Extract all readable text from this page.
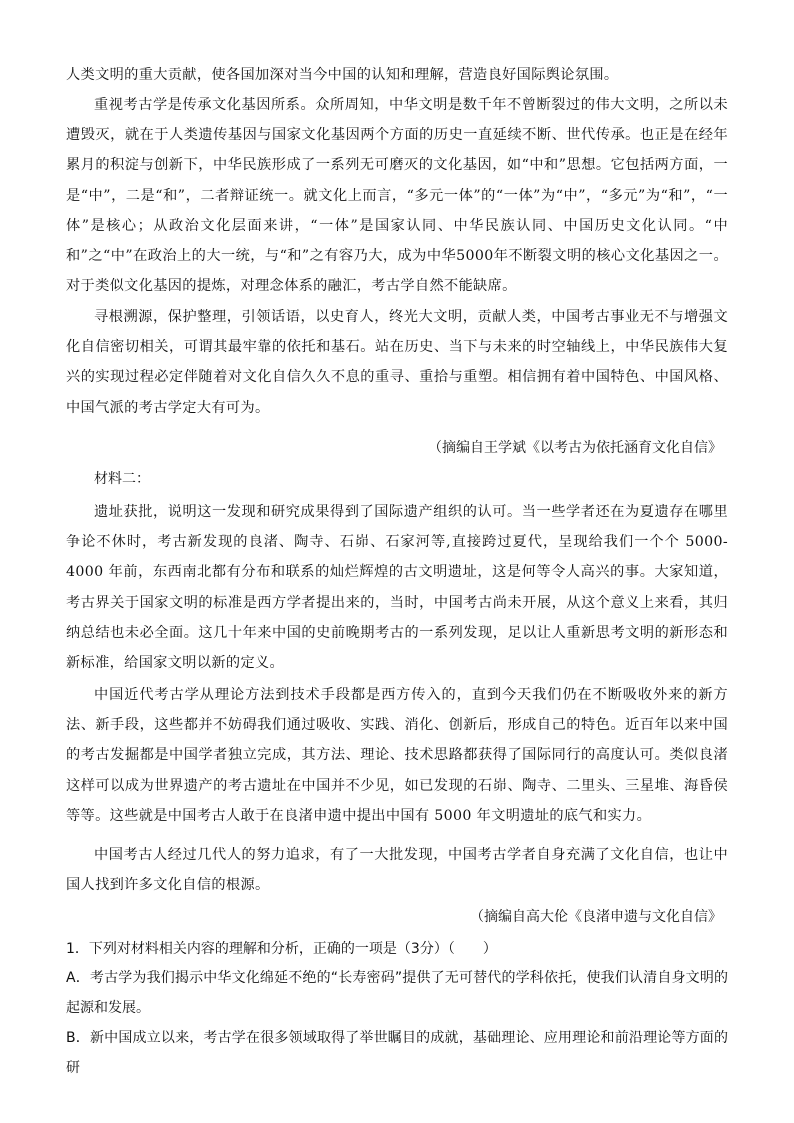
人类文明的重大贡献，使各国加深对当今中国的认知和理解，营造良好国际舆论氛围。

重视考古学是传承文化基因所系。众所周知，中华文明是数千年不曾断裂过的伟大文明，之所以未遭毁灭，就在于人类遗传基因与国家文化基因两个方面的历史一直延续不断、世代传承。也正是在经年累月的积淀与创新下，中华民族形成了一系列无可磨灭的文化基因，如“中和”思想。它包括两方面，一是“中”，二是“和”，二者辩证统一。就文化上而言，“多元一体”的“一体”为“中”，“多元”为“和”，“一体”是核心；从政治文化层面来讲，“一体”是国家认同、中华民族认同、中国历史文化认同。“中和”之“中”在政治上的大一统，与“和”之有容乃大，成为中华5000年不断裂文明的核心文化基因之一。对于类似文化基因的提炼，对理念体系的融汇，考古学自然不能缺席。

寻根溯源，保护整理，引领话语，以史育人，终光大文明，贡献人类，中国考古事业无不与增强文化自信密切相关，可谓其最牢靠的依托和基石。站在历史、当下与未来的时空轴线上，中华民族伟大复兴的实现过程必定伴随着对文化自信久久不息的重寻、重拾与重塑。相信拥有着中国特色、中国风格、中国气派的考古学定大有可为。

（摘编自王学斌《以考古为依托涵育文化自信》

材料二：

遗址获批，说明这一发现和研究成果得到了国际遗产组织的认可。当一些学者还在为夏遗存在哪里争论不休时，考古新发现的良渚、陶寺、石峁、石家河等,直接跨过夏代，呈现给我们一个个 5000-4000 年前，东西南北都有分布和联系的灿烂辉煌的古文明遗址，这是何等令人高兴的事。大家知道，考古界关于国家文明的标准是西方学者提出来的，当时，中国考古尚未开展，从这个意义上来看，其归纳总结也未必全面。这几十年来中国的史前晚期考古的一系列发现，足以让人重新思考文明的新形态和新标准，给国家文明以新的定义。

中国近代考古学从理论方法到技术手段都是西方传入的，直到今天我们仍在不断吸收外来的新方法、新手段，这些都并不妨碍我们通过吸收、实践、消化、创新后，形成自己的特色。近百年以来中国的考古发掘都是中国学者独立完成，其方法、理论、技术思路都获得了国际同行的高度认可。类似良渚这样可以成为世界遗产的考古遗址在中国并不少见，如已发现的石峁、陶寺、二里头、三星堆、海昏侯等等。这些就是中国考古人敢于在良渚申遗中提出中国有 5000 年文明遗址的底气和实力。

中国考古人经过几代人的努力追求，有了一大批发现，中国考古学者自身充满了文化自信，也让中国人找到许多文化自信的根源。

（摘编自高大伦《良渚申遗与文化自信》

1．下列对材料相关内容的理解和分析，正确的一项是（3分）（　　）

A．考古学为我们揭示中华文化绵延不绝的“长寿密码”提供了无可替代的学科依托，使我们认清自身文明的起源和发展。

B．新中国成立以来，考古学在很多领域取得了举世瞩目的成就，基础理论、应用理论和前沿理论等方面的研
